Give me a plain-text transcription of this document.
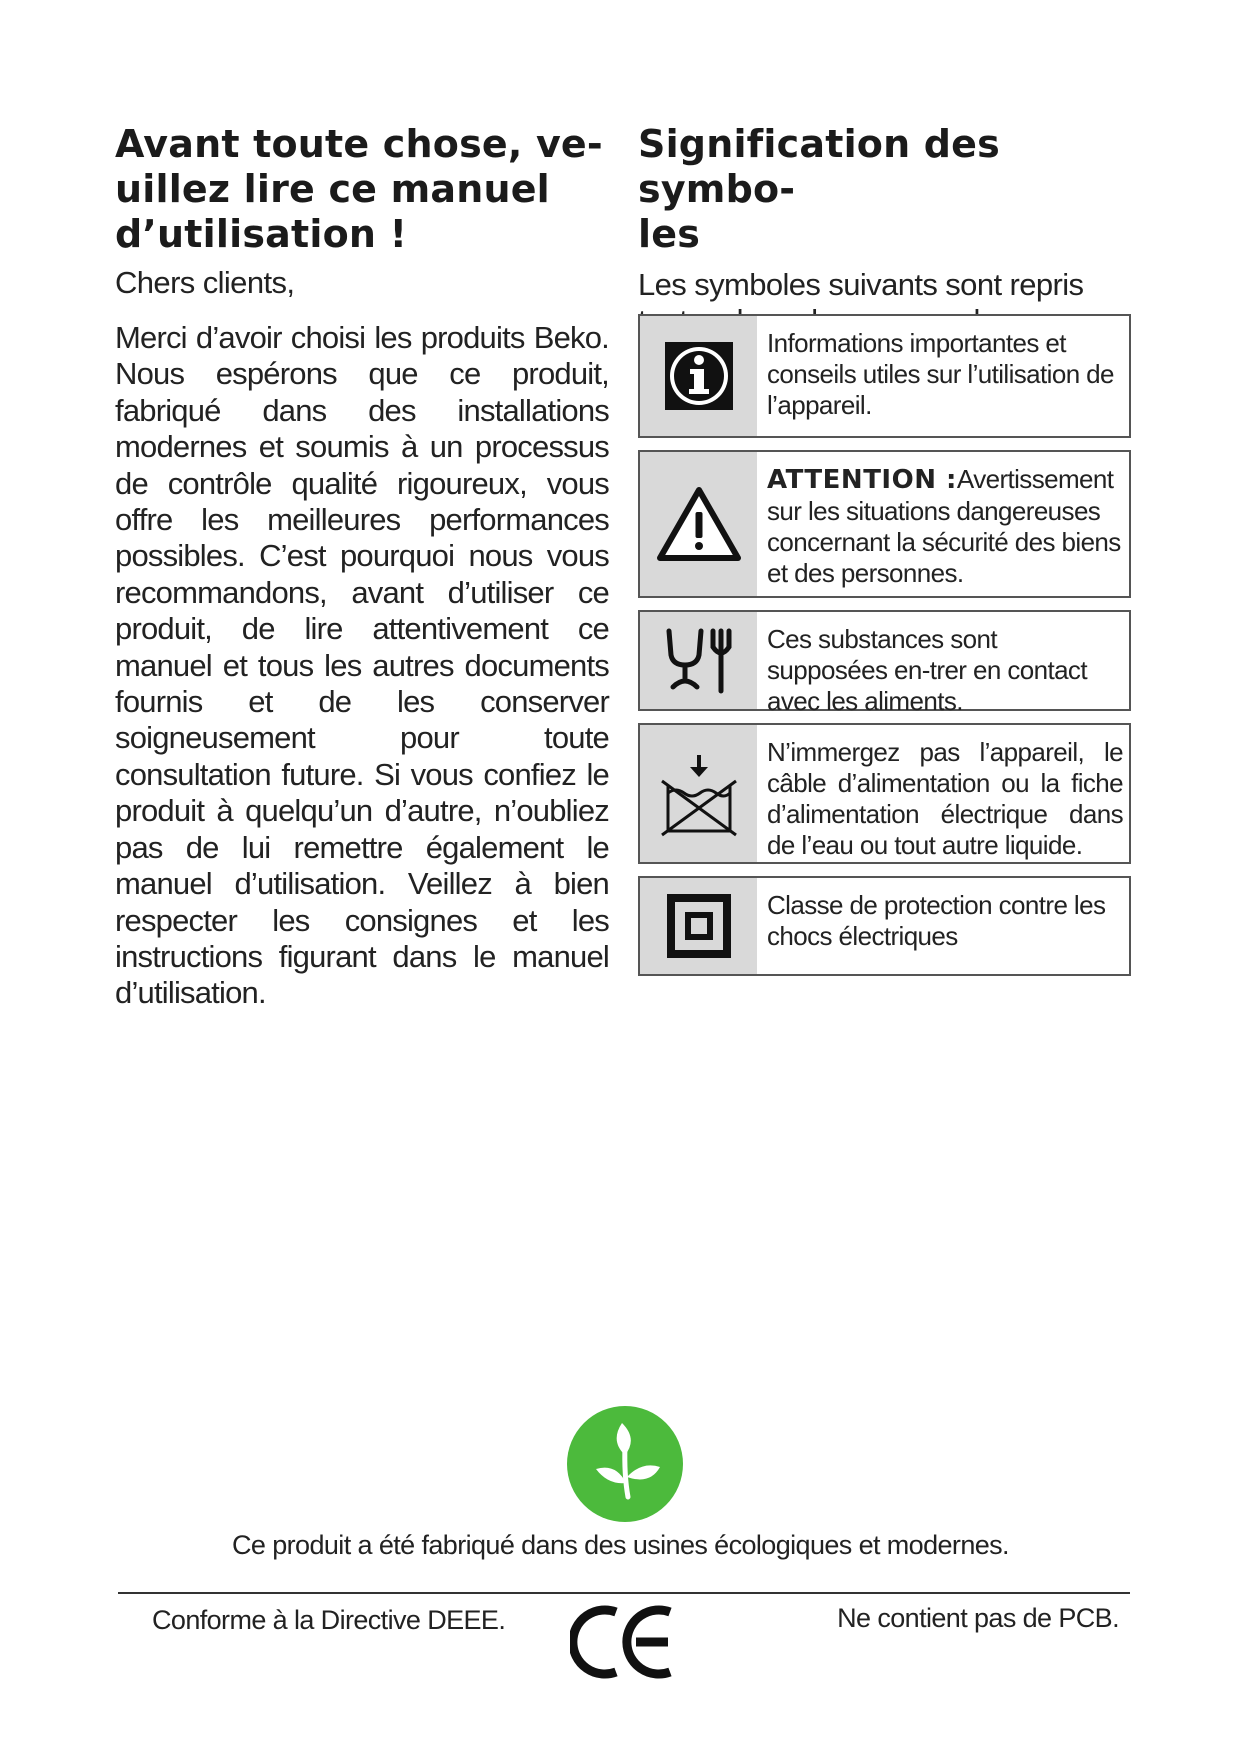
Avant toute chose, ve-
uillez lire ce manuel
d’utilisation !

Chers clients,

Merci d’avoir choisi les produits Beko. Nous espérons que ce produit, fabriqué dans des installations modernes et soumis à un processus de contrôle qualité rigoureux, vous offre les meilleures performances possibles. C’est pourquoi nous vous recommandons, avant d’utiliser ce produit, de lire attentivement ce manuel et tous les autres documents fournis et de les conserver soigneusement pour toute consultation future. Si vous confiez le produit à quelqu’un d’autre, n’oubliez pas de lui remettre également le manuel d’utilisation. Veillez à bien respecter les consignes et les instructions figurant dans le manuel d’utilisation.

Signification des symbo-
les

Les symboles suivants sont repris

Informations importantes et conseils utiles sur l’utilisation de l’appareil.
ATTENTION :Avertissement sur les situations dangereuses concernant la sécurité des biens et des personnes.
Ces substances sont supposées en-trer en contact avec les aliments.
N’immergez pas l’appareil, le câble d’alimentation ou la fiche d’alimentation électrique dans de l’eau ou tout autre liquide.
Classe de protection contre les chocs électriques

Ce produit a été fabriqué dans des usines écologiques et modernes.

Conforme à la Directive DEEE.	Ne contient pas de PCB.
